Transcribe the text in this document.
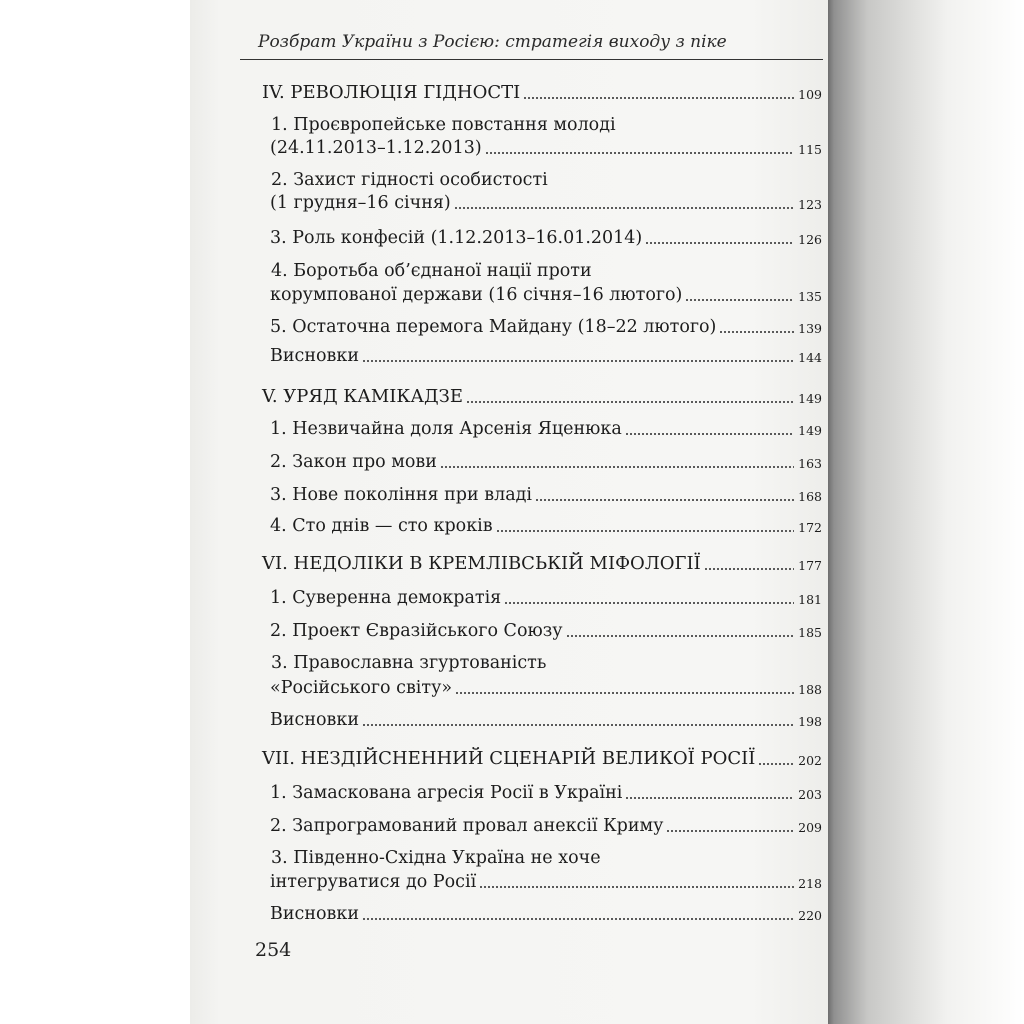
Розбрат України з Росією: стратегія виходу з піке
IV. РЕВОЛЮЦІЯ ГІДНОСТІ	109
1. Проєвропейське повстання молоді
(24.11.2013–1.12.2013)	115
2. Захист гідності особистості
(1 грудня–16 січня)	123
3. Роль конфесій (1.12.2013–16.01.2014)	126
4. Боротьба об’єднаної нації проти
корумпованої держави (16 січня–16 лютого)	135
5. Остаточна перемога Майдану (18–22 лютого)	139
Висновки	144
V. УРЯД КАМІКАДЗЕ	149
1. Незвичайна доля Арсенія Яценюка	149
2. Закон про мови	163
3. Нове покоління при владі	168
4. Сто днів — сто кроків	172
VI. НЕДОЛІКИ В КРЕМЛІВСЬКІЙ МІФОЛОГІЇ	177
1. Суверенна демократія	181
2. Проект Євразійського Союзу	185
3. Православна згуртованість
«Російського світу»	188
Висновки	198
VII. НЕЗДІЙСНЕННИЙ СЦЕНАРІЙ ВЕЛИКОЇ РОСІЇ	202
1. Замаскована агресія Росії в Україні	203
2. Запрограмований провал анексії Криму	209
3. Південно-Східна Україна не хоче
інтегруватися до Росії	218
Висновки	220
254
